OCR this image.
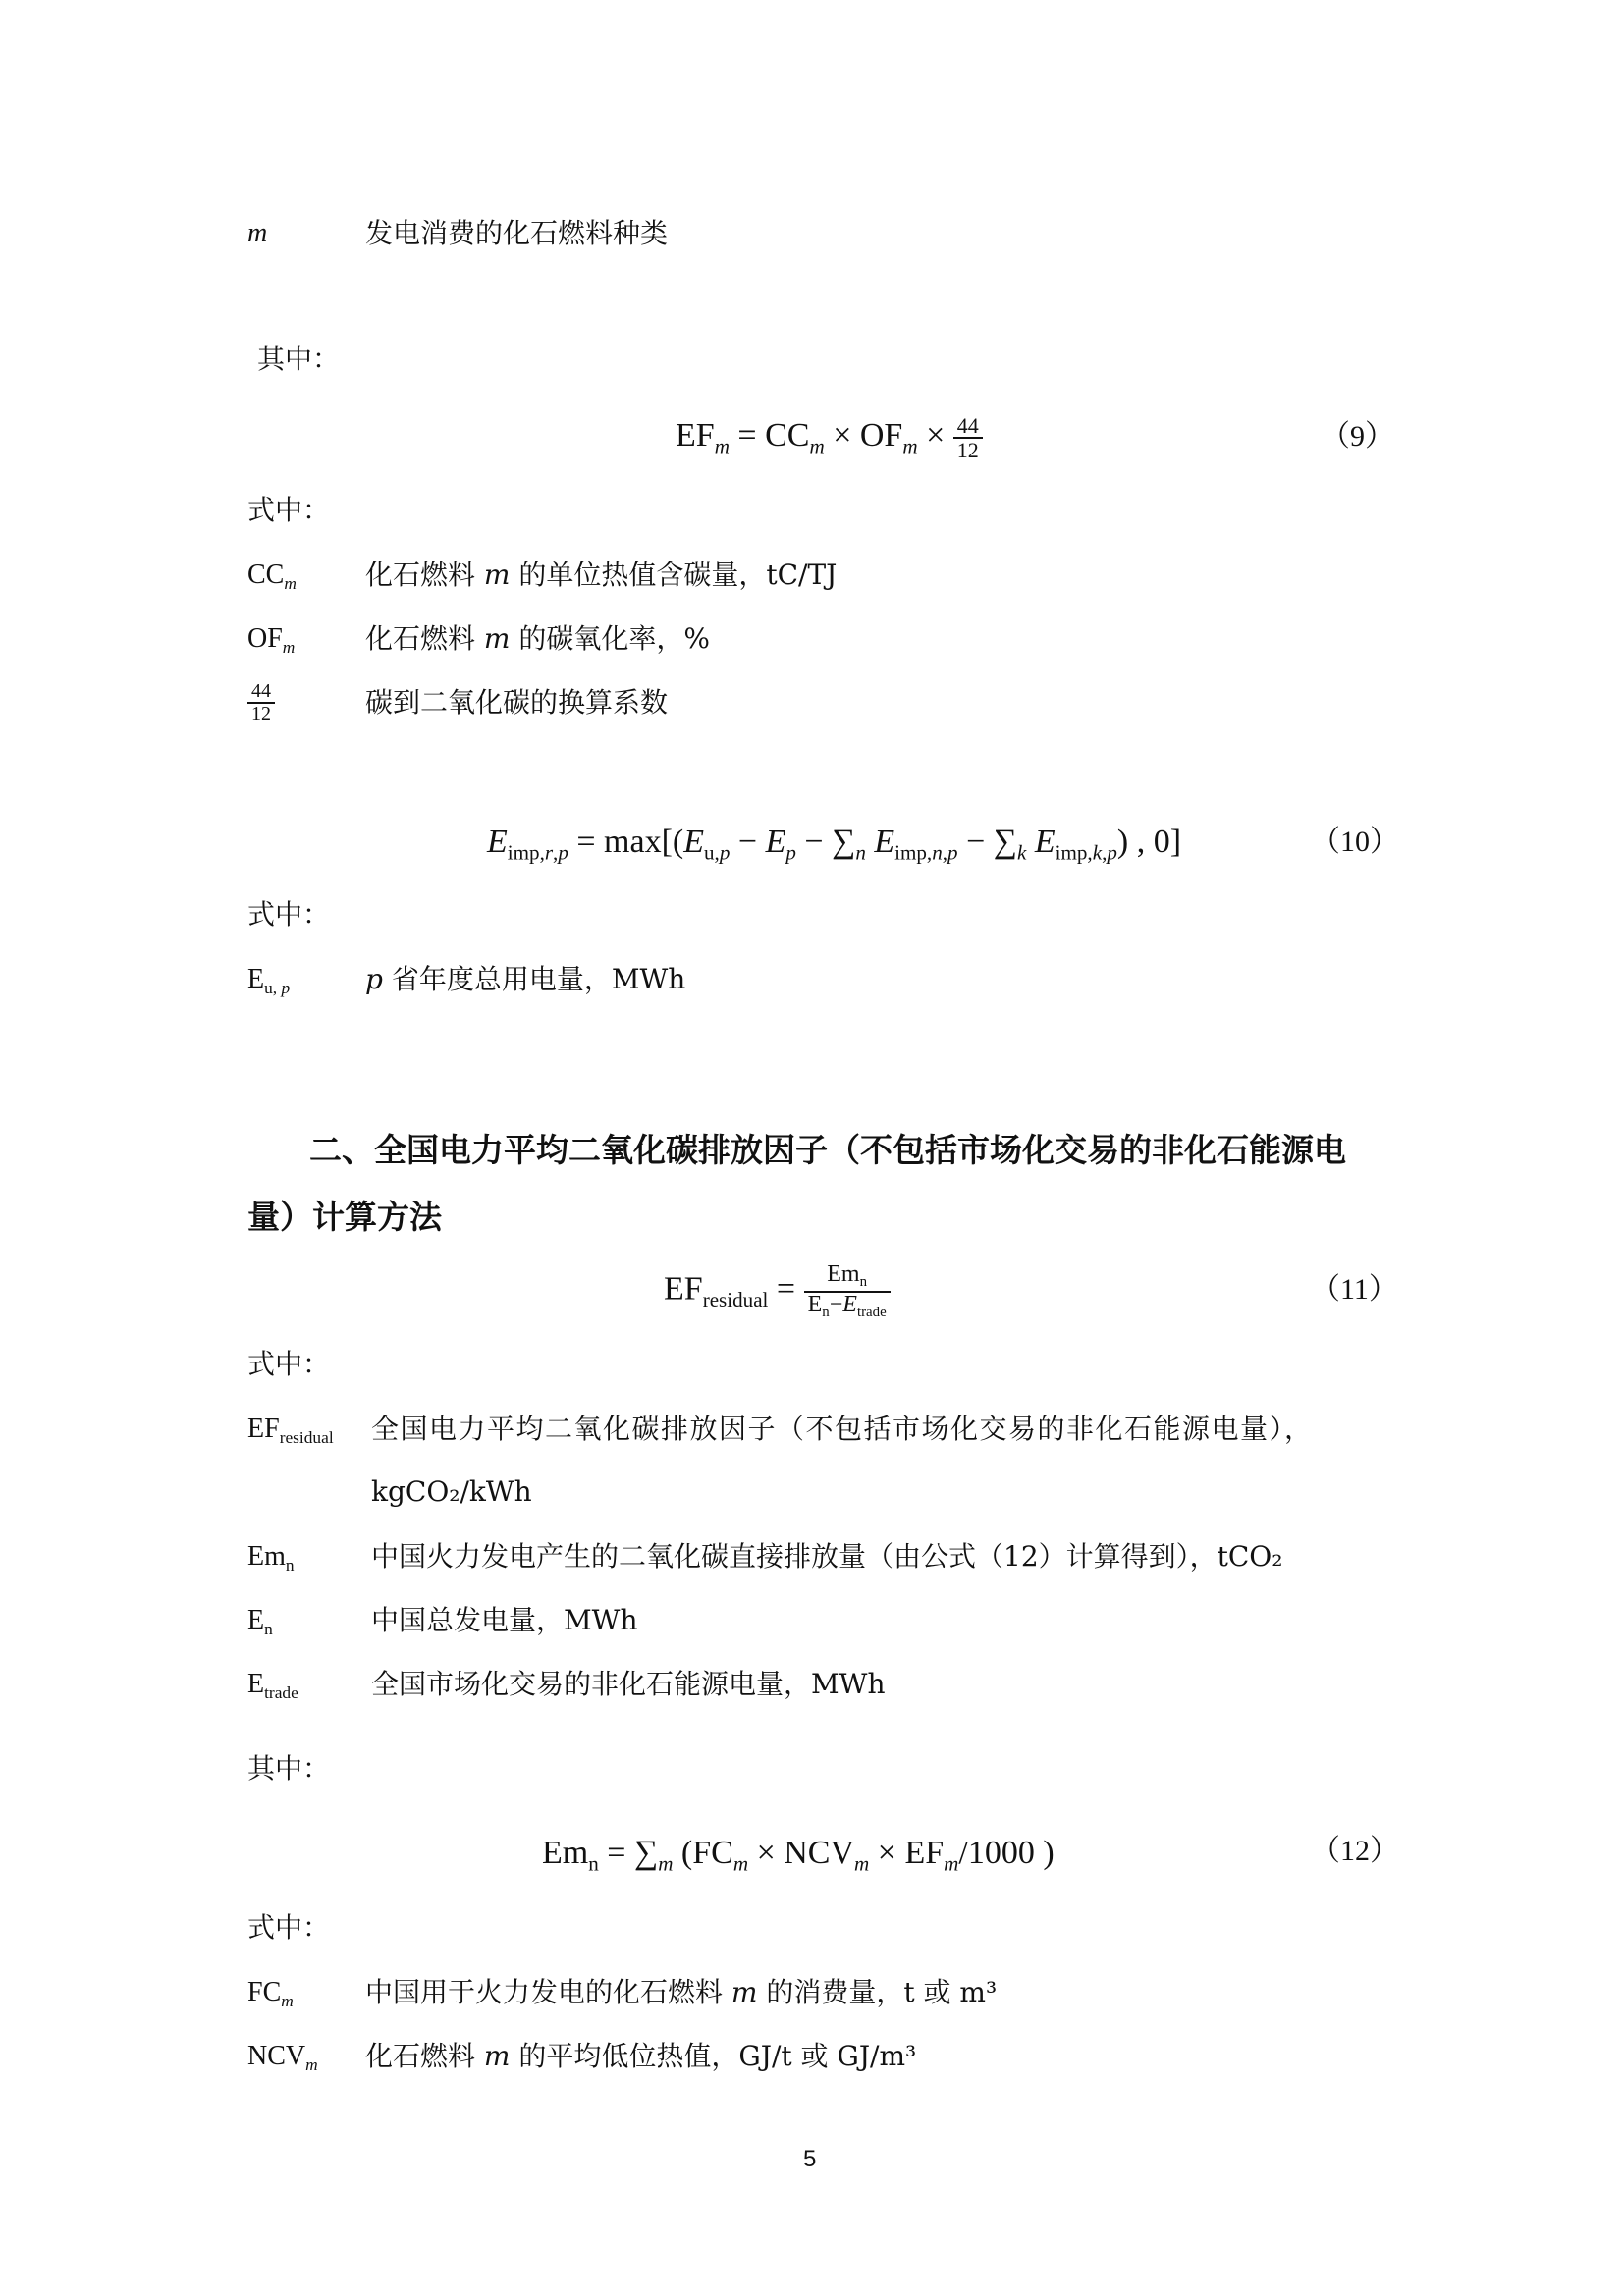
m	发电消费的化石燃料种类
其中：
$EF_m = CC_m \times OF_m \times \frac{44}{12}$	（9）
式中：
$CC_m$	化石燃料 m 的单位热值含碳量，tC/TJ
$OF_m$	化石燃料 m 的碳氧化率，%
$\frac{44}{12}$	碳到二氧化碳的换算系数
$E_{imp,r,p} = \max[(E_{u,p} - E_p - \sum_n$ $E_{imp,n,p} - \sum_k$ $E_{imp,k,p}$) , 0]	（10）
式中：
$E_{u, p}$	p 省年度总用电量，MWh
二、全国电力平均二氧化碳排放因子（不包括市场化交易的非化石能源电
量）计算方法
$EF_{residual} = \frac{Em_n}{E_n-E_{trade}}$	（11）
式中：
$EF_{residual}$ 全国电力平均二氧化碳排放因子（不包括市场化交易的非化石能源电量），
kgCO₂/kWh
$Em_n$	中国火力发电产生的二氧化碳直接排放量（由公式（12）计算得到），tCO₂
$E_n$	中国总发电量，MWh
$E_{trade}$	全国市场化交易的非化石能源电量，MWh
其中：
$Em_n = \sum_m$ ($FC_m \times NCV_m \times EF_m/1000$ )	（12）
式中：
$FC_m$	中国用于火力发电的化石燃料 m 的消费量，t 或 m³
$NCV_m$ 化石燃料 m 的平均低位热值，GJ/t 或 GJ/m³
5
